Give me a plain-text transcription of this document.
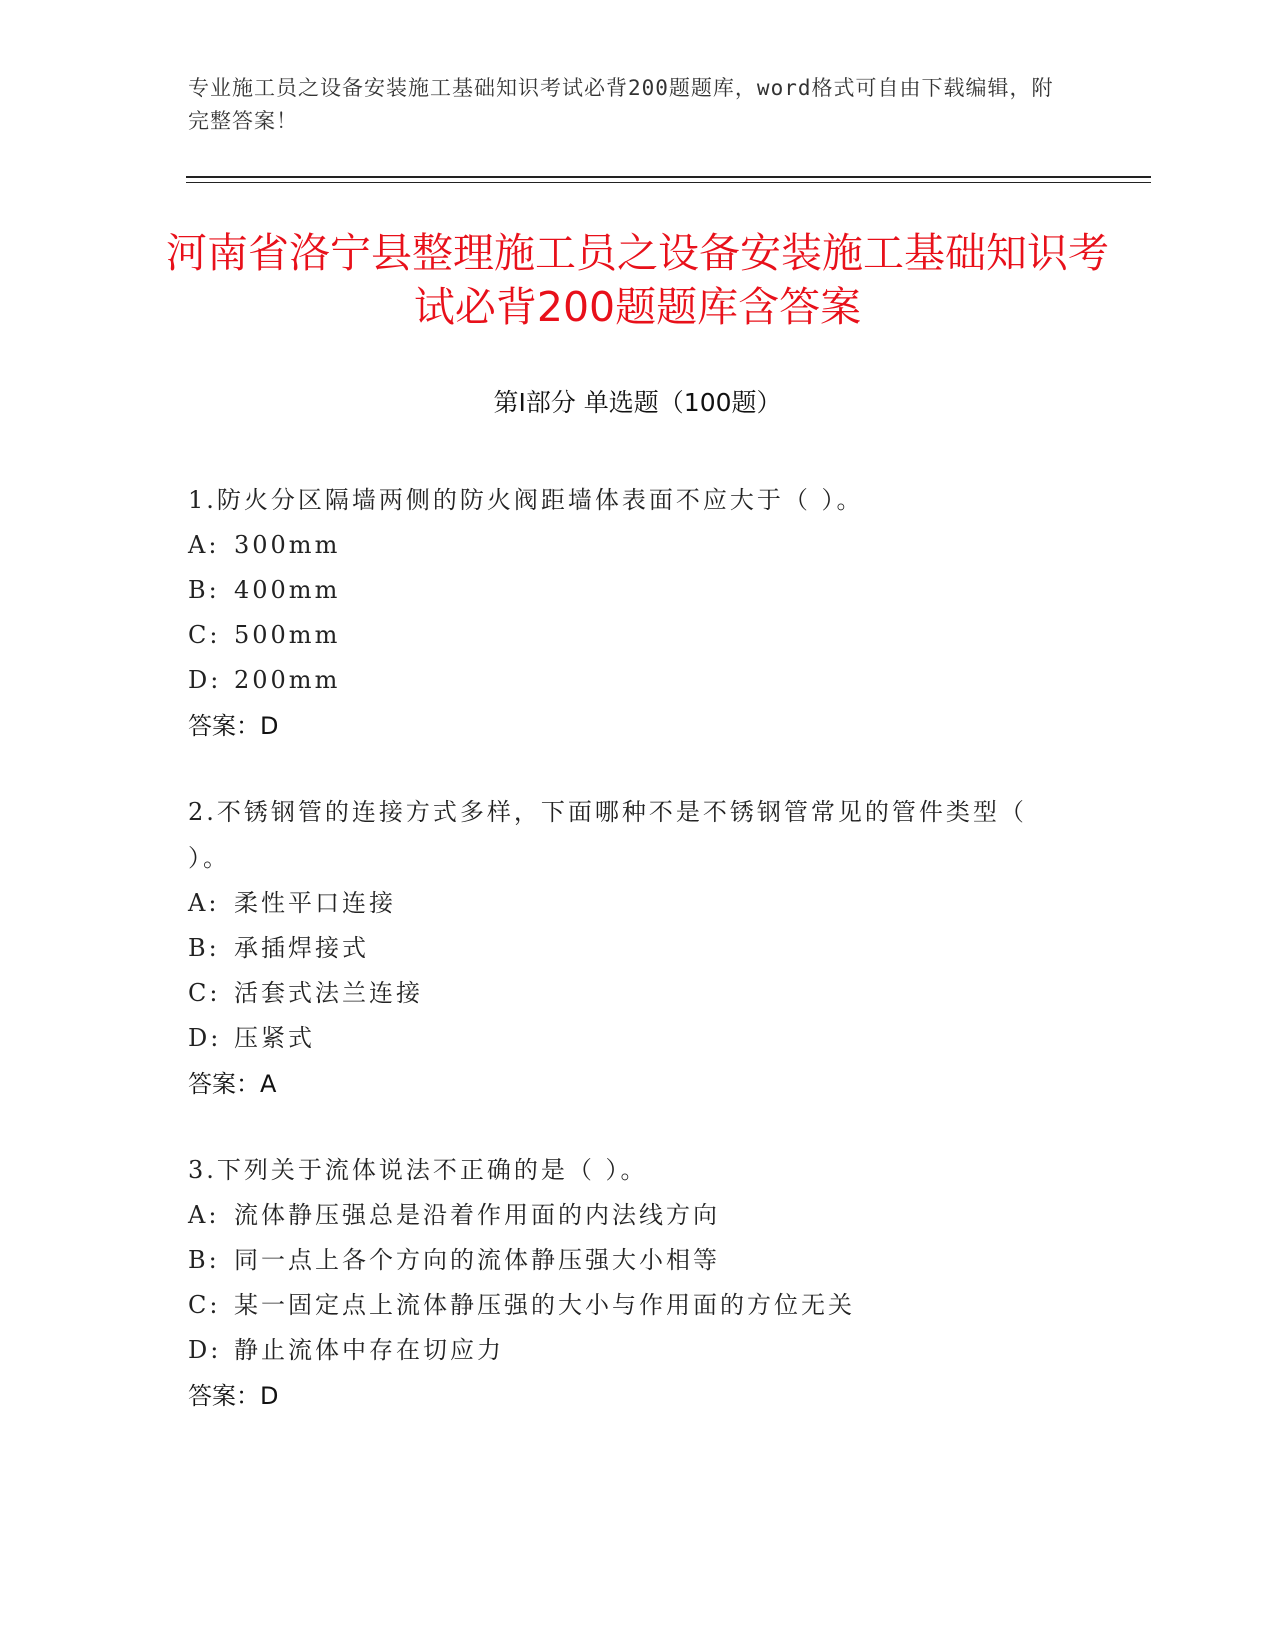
专业施工员之设备安装施工基础知识考试必背200题题库，word格式可自由下载编辑，附完整答案！
河南省洛宁县整理施工员之设备安装施工基础知识考试必背200题题库含答案
第I部分 单选题（100题）

1.防火分区隔墙两侧的防火阀距墙体表面不应大于（ ）。

A: 300mm

B: 400mm

C: 500mm

D: 200mm

答案：D

2.不锈钢管的连接方式多样，下面哪种不是不锈钢管常见的管件类型（ ）。

A: 柔性平口连接

B: 承插焊接式

C: 活套式法兰连接

D: 压紧式

答案：A

3.下列关于流体说法不正确的是（ ）。

A: 流体静压强总是沿着作用面的内法线方向

B: 同一点上各个方向的流体静压强大小相等

C: 某一固定点上流体静压强的大小与作用面的方位无关

D: 静止流体中存在切应力

答案：D
